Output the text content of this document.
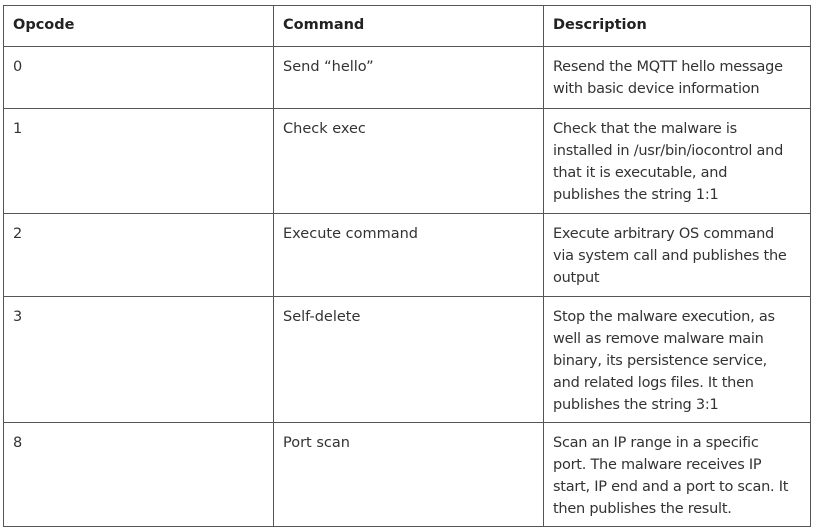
Opcode	Command	Description
0	Send “hello”	Resend the MQTT hello message
with basic device information

1	Check exec	Check that the malware is
installed in /usr/bin/iocontrol and
that it is executable, and
publishes the string 1:1

2	Execute command	Execute arbitrary OS command
via system call and publishes the
output

3	Self-delete	Stop the malware execution, as
well as remove malware main
binary, its persistence service,
and related logs files. It then
publishes the string 3:1

8	Port scan	Scan an IP range in a specific
port. The malware receives IP
start, IP end and a port to scan. It
then publishes the result.
